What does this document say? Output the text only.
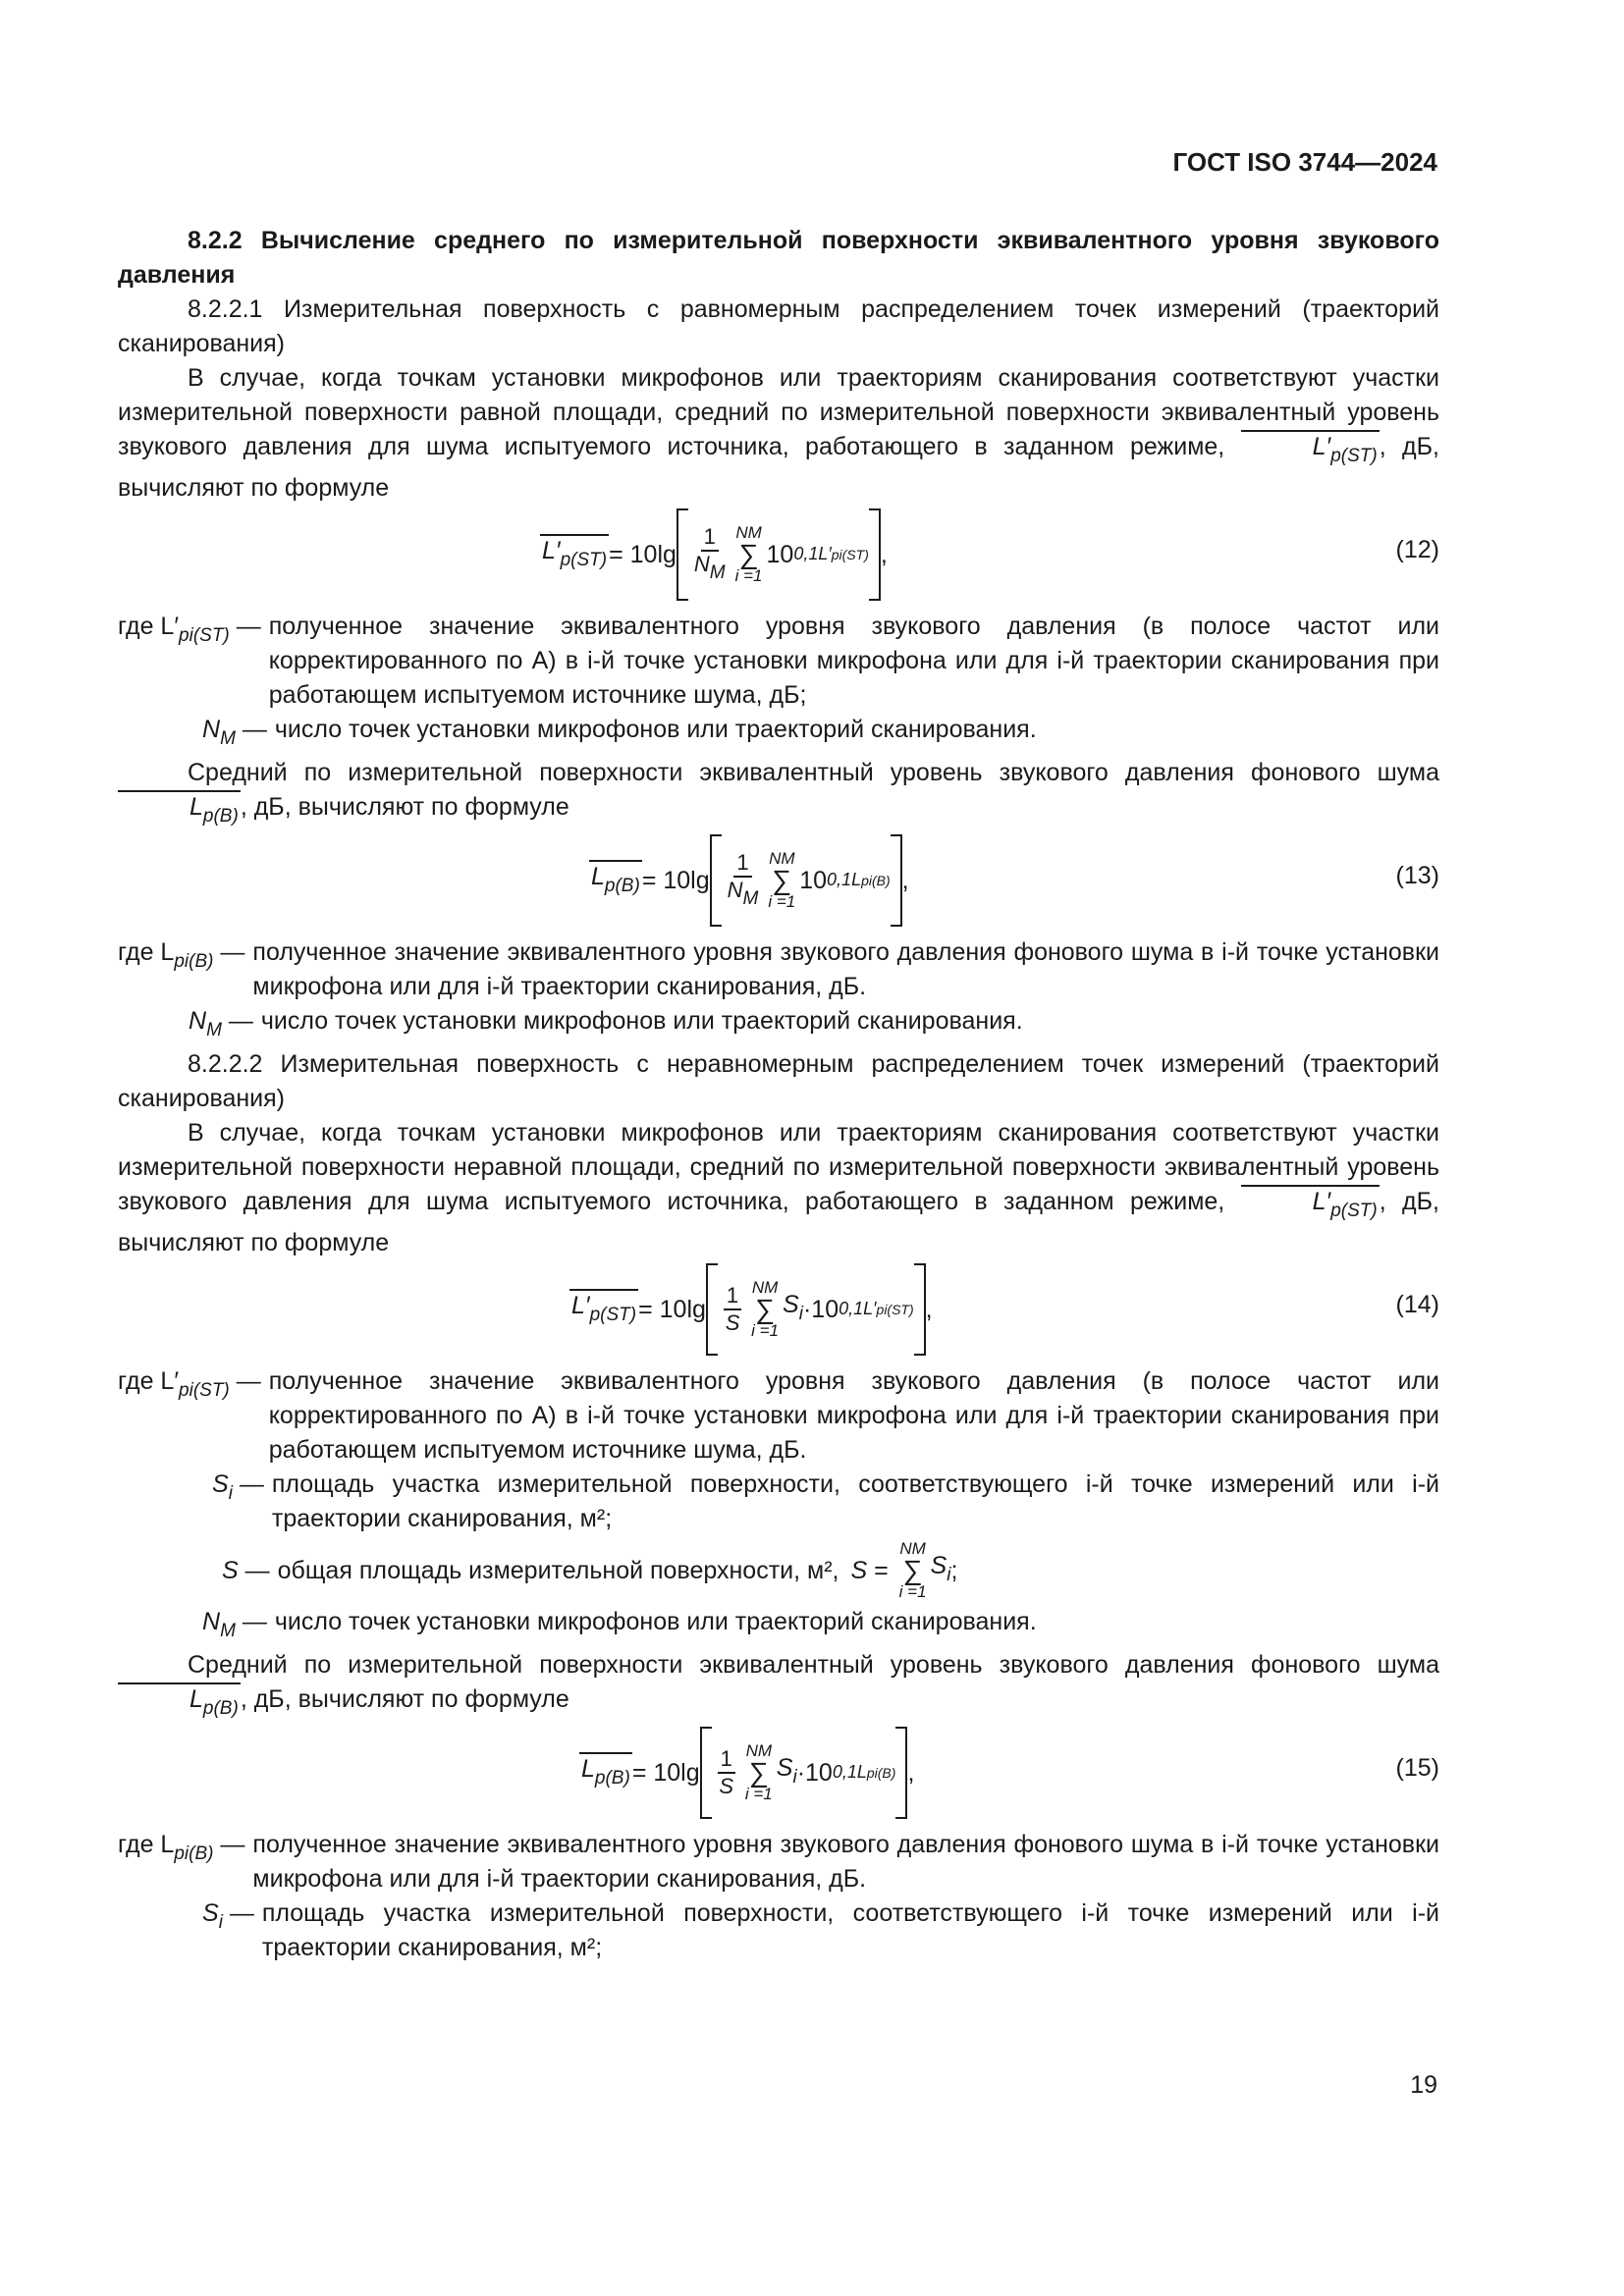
ГОСТ ISO 3744—2024

8.2.2 Вычисление среднего по измерительной поверхности эквивалентного уровня звукового давления

8.2.2.1 Измерительная поверхность с равномерным распределением точек измерений (траекторий сканирования)

В случае, когда точкам установки микрофонов или траекториям сканирования соответствуют участки измерительной поверхности равной площади, средний по измерительной поверхности эквивалентный уровень звукового давления для шума испытуемого источника, работающего в заданном режиме,	$L'_{p(ST)}$, дБ, вычисляют по формуле

$L'_{p(ST)} = 10\lg \frac{1}{NM}$ NM
∑
i =1
10 0,1L′pi(ST) ,	(12)
где $L'_{pi(ST)}$ — полученное значение эквивалентного уровня звукового давления (в полосе частот или корректированного по А) в i-й точке установки микрофона или для i-й траектории сканирования при работающем испытуемом источнике шума, дБ;
$N_M$ — число точек установки микрофонов или траекторий сканирования.

Средний по измерительной поверхности эквивалентный уровень звукового давления фонового шума $L_{p(B)}$, дБ, вычисляют по формуле

$L_{p(B)} = 10\lg \frac{1}{NM}$ NM
∑
i =1
10 0,1Lpi(B) ,	(13)
где $L_{pi(B)}$ — полученное значение эквивалентного уровня звукового давления фонового шума в i-й точке установки микрофона или для i-й траектории сканирования, дБ.
$N_M$ — число точек установки микрофонов или траекторий сканирования.

8.2.2.2 Измерительная поверхность с неравномерным распределением точек измерений (траекторий сканирования)

В случае, когда точкам установки микрофонов или траекториям сканирования соответствуют участки измерительной поверхности неравной площади, средний по измерительной поверхности эквивалентный уровень звукового давления для шума испытуемого источника, работающего в заданном режиме,	$L'_{p(ST)}$, дБ, вычисляют по формуле

$L'_{p(ST)} = 10\lg \frac{1}{S}$ NM
∑
i =1
$S_i \cdot 10$ 0,1L′pi(ST) ,	(14)
где $L'_{pi(ST)}$ — полученное значение эквивалентного уровня звукового давления (в полосе частот или корректированного по А) в i-й точке установки микрофона или для i-й траектории сканирования при работающем испытуемом источнике шума, дБ.
$S_i$ — площадь участка измерительной поверхности, соответствующего i-й точке измерений или i-й траектории сканирования, м²;
S — общая площадь измерительной поверхности, м², S =
NM
∑
i =1
$S_i$ ;
$N_M$ — число точек установки микрофонов или траекторий сканирования.

Средний по измерительной поверхности эквивалентный уровень звукового давления фонового шума $L_{p(B)}$, дБ, вычисляют по формуле

$L_{p(B)} = 10\lg \frac{1}{S}$ NM
∑
i =1
$S_i \cdot 10$ 0,1Lpi(B) ,	(15)
где $L_{pi(B)}$ — полученное значение эквивалентного уровня звукового давления фонового шума в i-й точке установки микрофона или для i-й траектории сканирования, дБ.
$S_i$ — площадь участка измерительной поверхности, соответствующего i-й точке измерений или i-й траектории сканирования, м²;
19
